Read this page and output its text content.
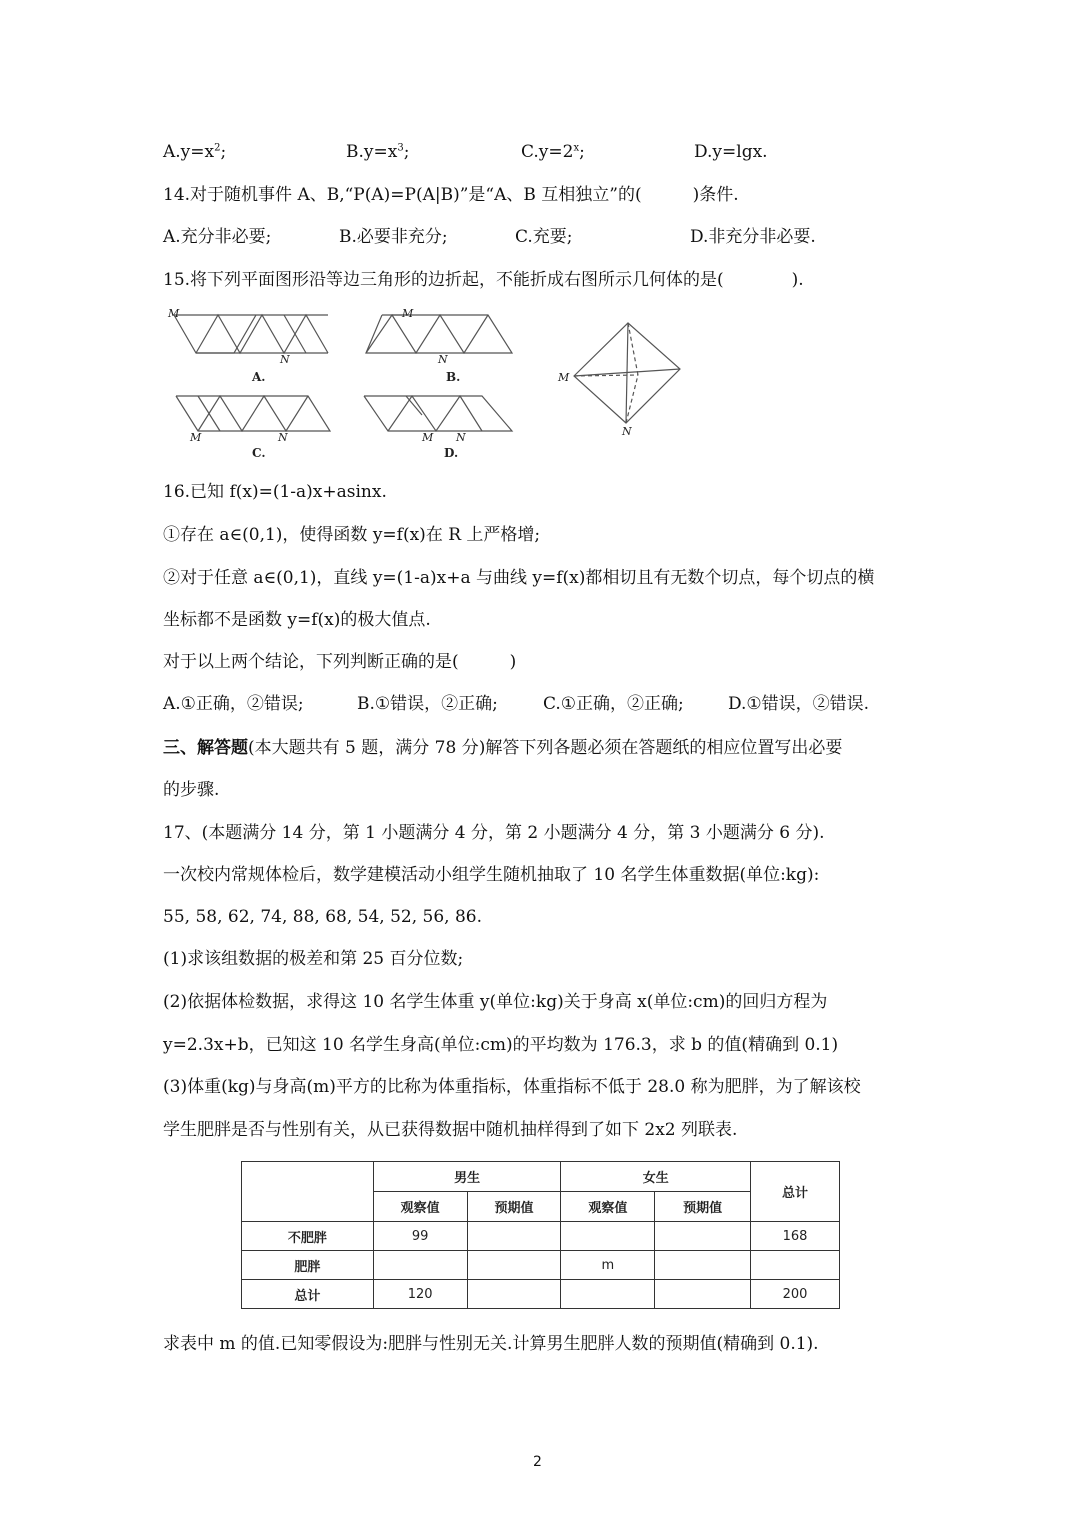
$A.y=x^2$;	$B.y=x^3$;	$C.y=2^x$;	D.y=lgx.
14.对于随机事件 A、B,“P(A)=P(A|B)”是“A、B 互相独立”的(　　　)条件.
A.充分非必要;	B.必要非充分;	C.充要;	D.非充分非必要.
15.将下列平面图形沿等边三角形的边折起，不能折成右图所示几何体的是(　　　　).
M
N
M
N
M	N	M N
M
N
A.	B.
C.	D.
16.已知 f(x)=(1-a)x+asinx.
①存在 a∈(0,1)，使得函数 y=f(x)在 R 上严格增;
②对于任意 a∈(0,1)，直线 y=(1-a)x+a 与曲线 y=f(x)都相切且有无数个切点，每个切点的横
坐标都不是函数 y=f(x)的极大值点.
对于以上两个结论，下列判断正确的是(　　　)
A.①正确，②错误;	B.①错误，②正确;	C.①正确，②正确;	D.①错误，②错误.
三、解答题(本大题共有 5 题，满分 78 分)解答下列各题必须在答题纸的相应位置写出必要
的步骤.
17、(本题满分 14 分，第 1 小题满分 4 分，第 2 小题满分 4 分，第 3 小题满分 6 分).
一次校内常规体检后，数学建模活动小组学生随机抽取了 10 名学生体重数据(单位:kg):
55, 58, 62, 74, 88, 68, 54, 52, 56, 86.
(1)求该组数据的极差和第 25 百分位数;
(2)依据体检数据，求得这 10 名学生体重 y(单位:kg)关于身高 x(单位:cm)的回归方程为
y=2.3x+b，已知这 10 名学生身高(单位:cm)的平均数为 176.3，求 b 的值(精确到 0.1)
(3)体重(kg)与身高(m)平方的比称为体重指标，体重指标不低于 28.0 称为肥胖，为了解该校
学生肥胖是否与性别有关，从已获得数据中随机抽样得到了如下 2x2 列联表.
	男生		女生		总计
	观察值	预期值	观察值	预期值	
不肥胖	99				168
肥胖			m		
总计	120				200
求表中 m 的值.已知零假设为:肥胖与性别无关.计算男生肥胖人数的预期值(精确到 0.1).
2
